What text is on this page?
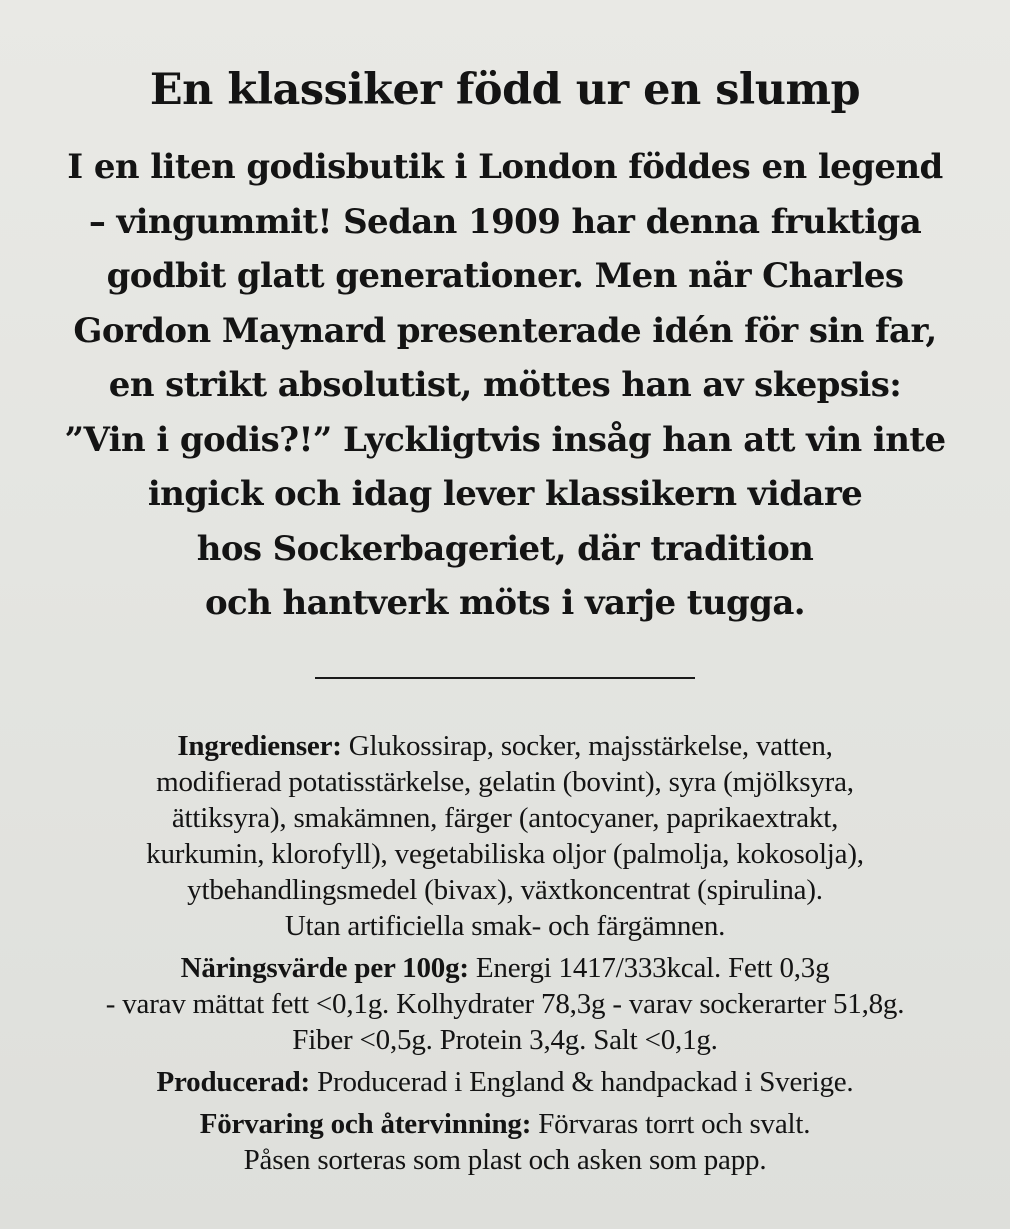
En klassiker född ur en slump
I en liten godisbutik i London föddes en legend
– vingummit! Sedan 1909 har denna fruktiga
godbit glatt generationer. Men när Charles
Gordon Maynard presenterade idén för sin far,
en strikt absolutist, möttes han av skepsis:
”Vin i godis?!” Lyckligtvis insåg han att vin inte
ingick och idag lever klassikern vidare
hos Sockerbageriet, där tradition
och hantverk möts i varje tugga.

Ingredienser: Glukossirap, socker, majsstärkelse, vatten,
modifierad potatisstärkelse, gelatin (bovint), syra (mjölksyra,
ättiksyra), smakämnen, färger (antocyaner, paprikaextrakt,
kurkumin, klorofyll), vegetabiliska oljor (palmolja, kokosolja),
ytbehandlingsmedel (bivax), växtkoncentrat (spirulina).
Utan artificiella smak- och färgämnen.

Näringsvärde per 100g: Energi 1417/333kcal. Fett 0,3g
- varav mättat fett <0,1g. Kolhydrater 78,3g - varav sockerarter 51,8g.
Fiber <0,5g. Protein 3,4g. Salt <0,1g.

Producerad: Producerad i England & handpackad i Sverige.

Förvaring och återvinning: Förvaras torrt och svalt.
Påsen sorteras som plast och asken som papp.
